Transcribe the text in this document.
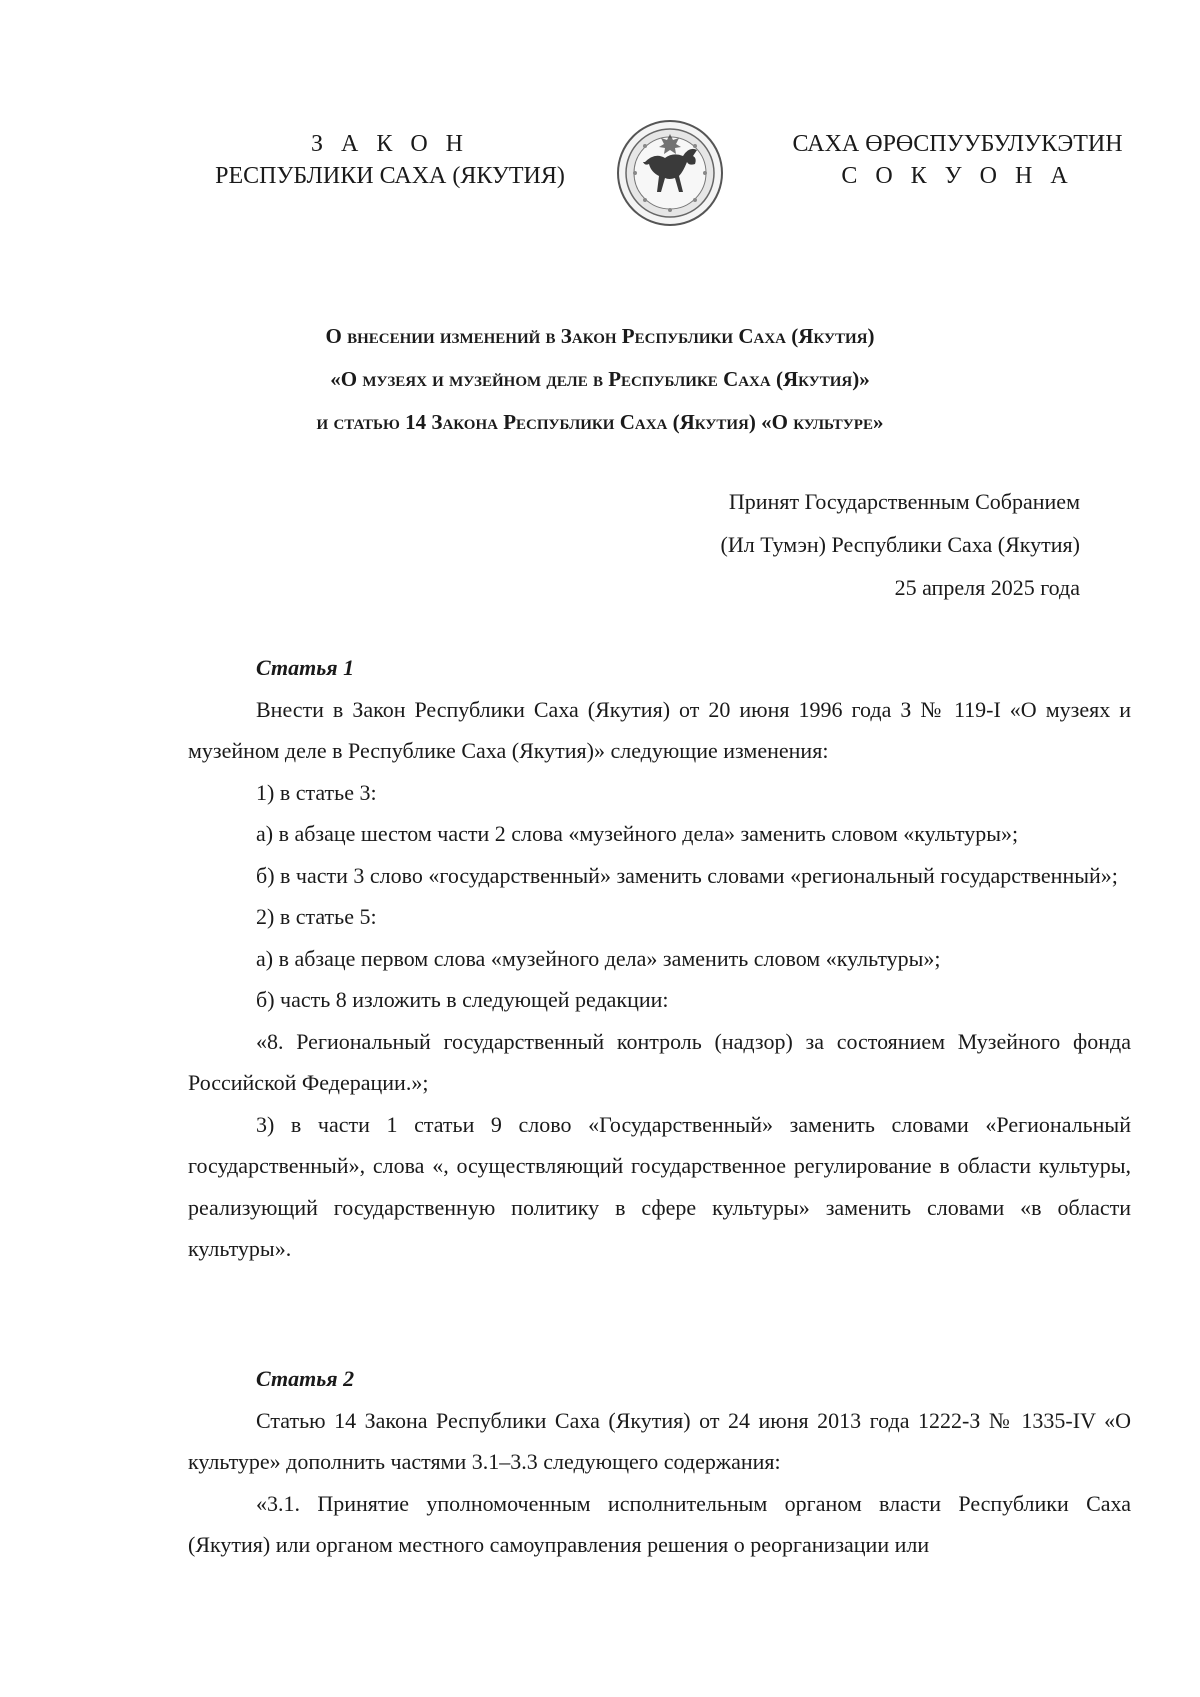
З А К О Н
РЕСПУБЛИКИ САХА (ЯКУТИЯ)
САХА ӨРӨСПУУБУЛУКЭТИН
С О К У О Н А
О внесении изменений в Закон Республики Саха (Якутия)
«О музеях и музейном деле в Республике Саха (Якутия)»
и статью 14 Закона Республики Саха (Якутия) «О культуре»
Принят Государственным Собранием
(Ил Тумэн) Республики Саха (Якутия)
25 апреля 2025 года
Статья 1

Внести в Закон Республики Саха (Якутия) от 20 июня 1996 года З № 119-I «О музеях и музейном деле в Республике Саха (Якутия)» следующие изменения:

1) в статье 3:

а) в абзаце шестом части 2 слова «музейного дела» заменить словом «культуры»;

б) в части 3 слово «государственный» заменить словами «региональный государственный»;

2) в статье 5:

а) в абзаце первом слова «музейного дела» заменить словом «культуры»;

б) часть 8 изложить в следующей редакции:

«8. Региональный государственный контроль (надзор) за состоянием Музейного фонда Российской Федерации.»;

3) в части 1 статьи 9 слово «Государственный» заменить словами «Региональный государственный», слова «, осуществляющий государственное регулирование в области культуры, реализующий государственную политику в сфере культуры» заменить словами «в области культуры».

Статья 2

Статью 14 Закона Республики Саха (Якутия) от 24 июня 2013 года 1222-З № 1335-IV «О культуре» дополнить частями 3.1–3.3 следующего содержания:

«3.1. Принятие уполномоченным исполнительным органом власти Республики Саха (Якутия) или органом местного самоуправления решения о реорганизации или
